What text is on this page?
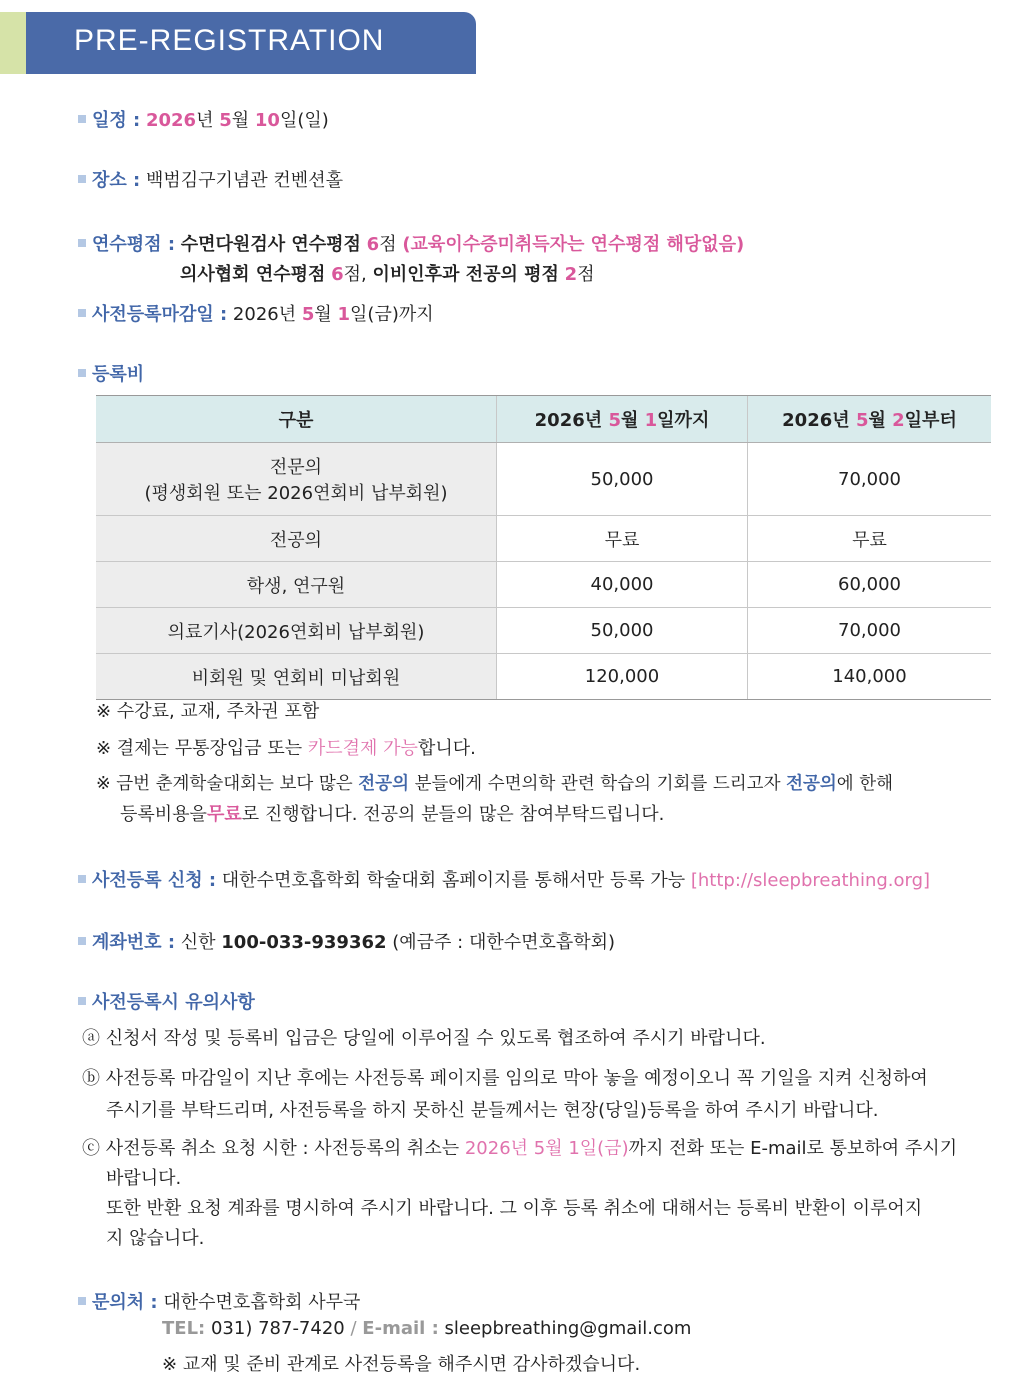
PRE-REGISTRATION
일정 : 2026년 5월 10일(일)
장소 : 백범김구기념관 컨벤션홀
연수평점 : 수면다원검사 연수평점 6점 (교육이수증미취득자는 연수평점 해당없음)
의사협회 연수평점 6점, 이비인후과 전공의 평점 2점
사전등록마감일 : 2026년 5월 1일(금)까지
등록비
구분	2026년 5월 1일까지	2026년 5월 2일부터

전문의
(평생회원 또는 2026연회비 납부회원)	50,000	70,000
전공의	무료	무료
학생, 연구원	40,000	60,000
의료기사(2026연회비 납부회원)	50,000	70,000
비회원 및 연회비 미납회원	120,000	140,000
※ 수강료, 교재, 주차권 포함
※ 결제는 무통장입금 또는 카드결제 가능합니다.
※ 금번 춘계학술대회는 보다 많은 전공의 분들에게 수면의학 관련 학습의 기회를 드리고자 전공의에 한해
등록비용을무료로 진행합니다. 전공의 분들의 많은 참여부탁드립니다.
사전등록 신청 : 대한수면호흡학회 학술대회 홈페이지를 통해서만 등록 가능 [http://sleepbreathing.org]
계좌번호 : 신한 100-033-939362 (예금주 : 대한수면호흡학회)
사전등록시 유의사항
ⓐ 신청서 작성 및 등록비 입금은 당일에 이루어질 수 있도록 협조하여 주시기 바랍니다.
ⓑ 사전등록 마감일이 지난 후에는 사전등록 페이지를 임의로 막아 놓을 예정이오니 꼭 기일을 지켜 신청하여
주시기를 부탁드리며, 사전등록을 하지 못하신 분들께서는 현장(당일)등록을 하여 주시기 바랍니다.
ⓒ 사전등록 취소 요청 시한 : 사전등록의 취소는 2026년 5월 1일(금)까지 전화 또는 E-mail로 통보하여 주시기
바랍니다.
또한 반환 요청 계좌를 명시하여 주시기 바랍니다. 그 이후 등록 취소에 대해서는 등록비 반환이 이루어지
지 않습니다.
문의처 : 대한수면호흡학회 사무국
TEL: 031) 787-7420 / E-mail : sleepbreathing@gmail.com
※ 교재 및 준비 관계로 사전등록을 해주시면 감사하겠습니다.
